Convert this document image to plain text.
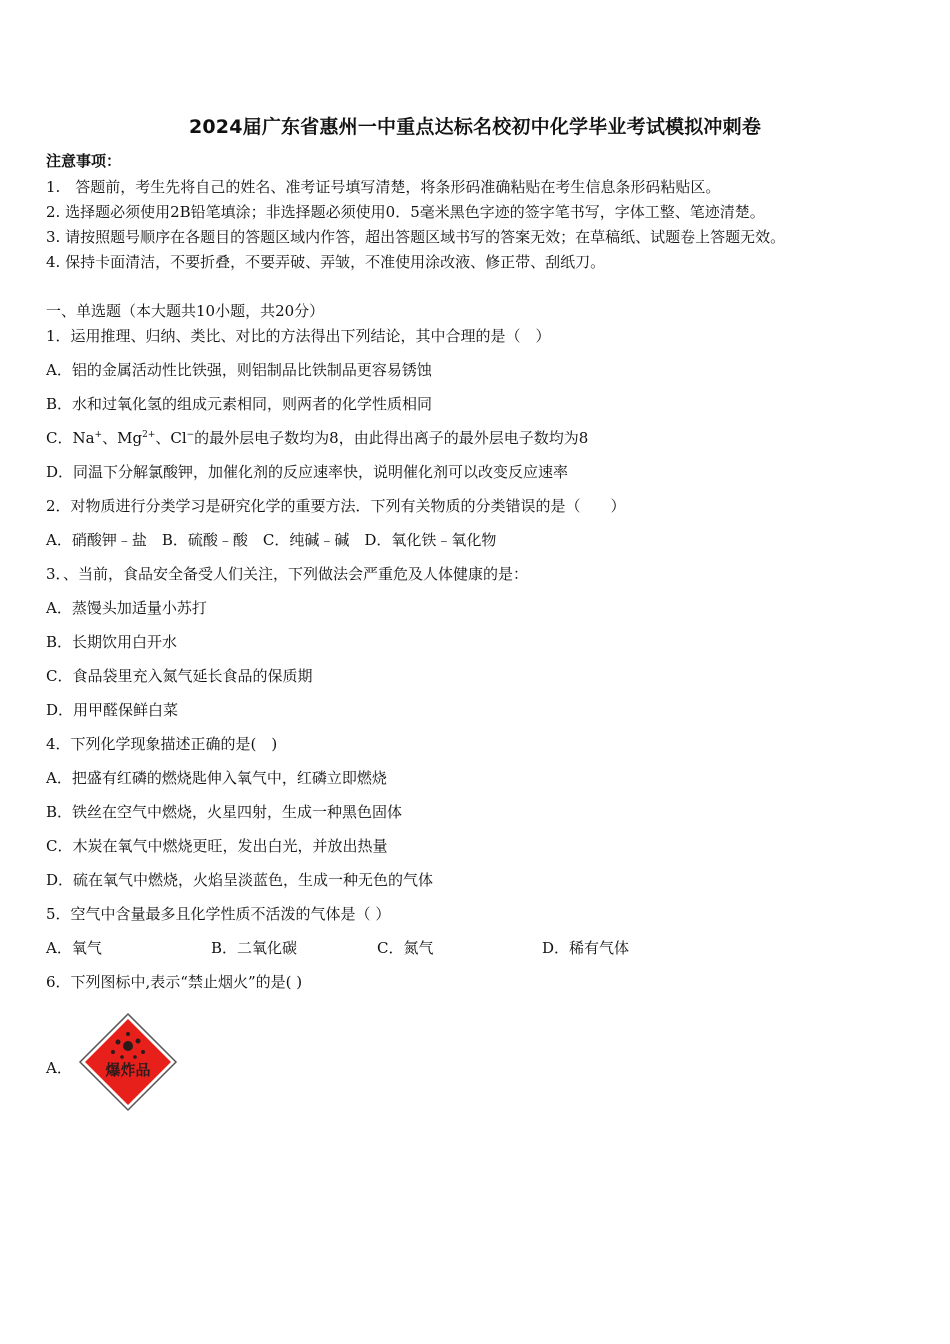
2024届广东省惠州一中重点达标名校初中化学毕业考试模拟冲刺卷
注意事项：
1.　答题前，考生先将自己的姓名、准考证号填写清楚，将条形码准确粘贴在考生信息条形码粘贴区。
2. 选择题必须使用2B铅笔填涂；非选择题必须使用0．5毫米黑色字迹的签字笔书写，字体工整、笔迹清楚。
3. 请按照题号顺序在各题目的答题区域内作答，超出答题区域书写的答案无效；在草稿纸、试题卷上答题无效。
4. 保持卡面清洁，不要折叠，不要弄破、弄皱，不准使用涂改液、修正带、刮纸刀。
一、单选题（本大题共10小题，共20分）
1．运用推理、归纳、类比、对比的方法得出下列结论，其中合理的是（　）
A．铝的金属活动性比铁强，则铝制品比铁制品更容易锈蚀
B．水和过氧化氢的组成元素相同，则两者的化学性质相同
C．Na+、$Mg^{2+}$、Cl−的最外层电子数均为8，由此得出离子的最外层电子数均为8
D．同温下分解氯酸钾，加催化剂的反应速率快，说明催化剂可以改变反应速率
2．对物质进行分类学习是研究化学的重要方法．下列有关物质的分类错误的是（　　）
A．硝酸钾﹣盐　B．硫酸﹣酸　C．纯碱﹣碱　D．氧化铁﹣氧化物
3．、当前，食品安全备受人们关注，下列做法会严重危及人体健康的是：
A．蒸馒头加适量小苏打
B．长期饮用白开水
C．食品袋里充入氮气延长食品的保质期
D．用甲醛保鲜白菜
4．下列化学现象描述正确的是(　)
A．把盛有红磷的燃烧匙伸入氧气中，红磷立即燃烧
B．铁丝在空气中燃烧，火星四射，生成一种黑色固体
C．木炭在氧气中燃烧更旺，发出白光，并放出热量
D．硫在氧气中燃烧，火焰呈淡蓝色，生成一种无色的气体
5．空气中含量最多且化学性质不活泼的气体是（ ）
A．氧气	B．二氧化碳	C．氮气	D．稀有气体
6．下列图标中,表示“禁止烟火”的是( )
A． 爆炸品
